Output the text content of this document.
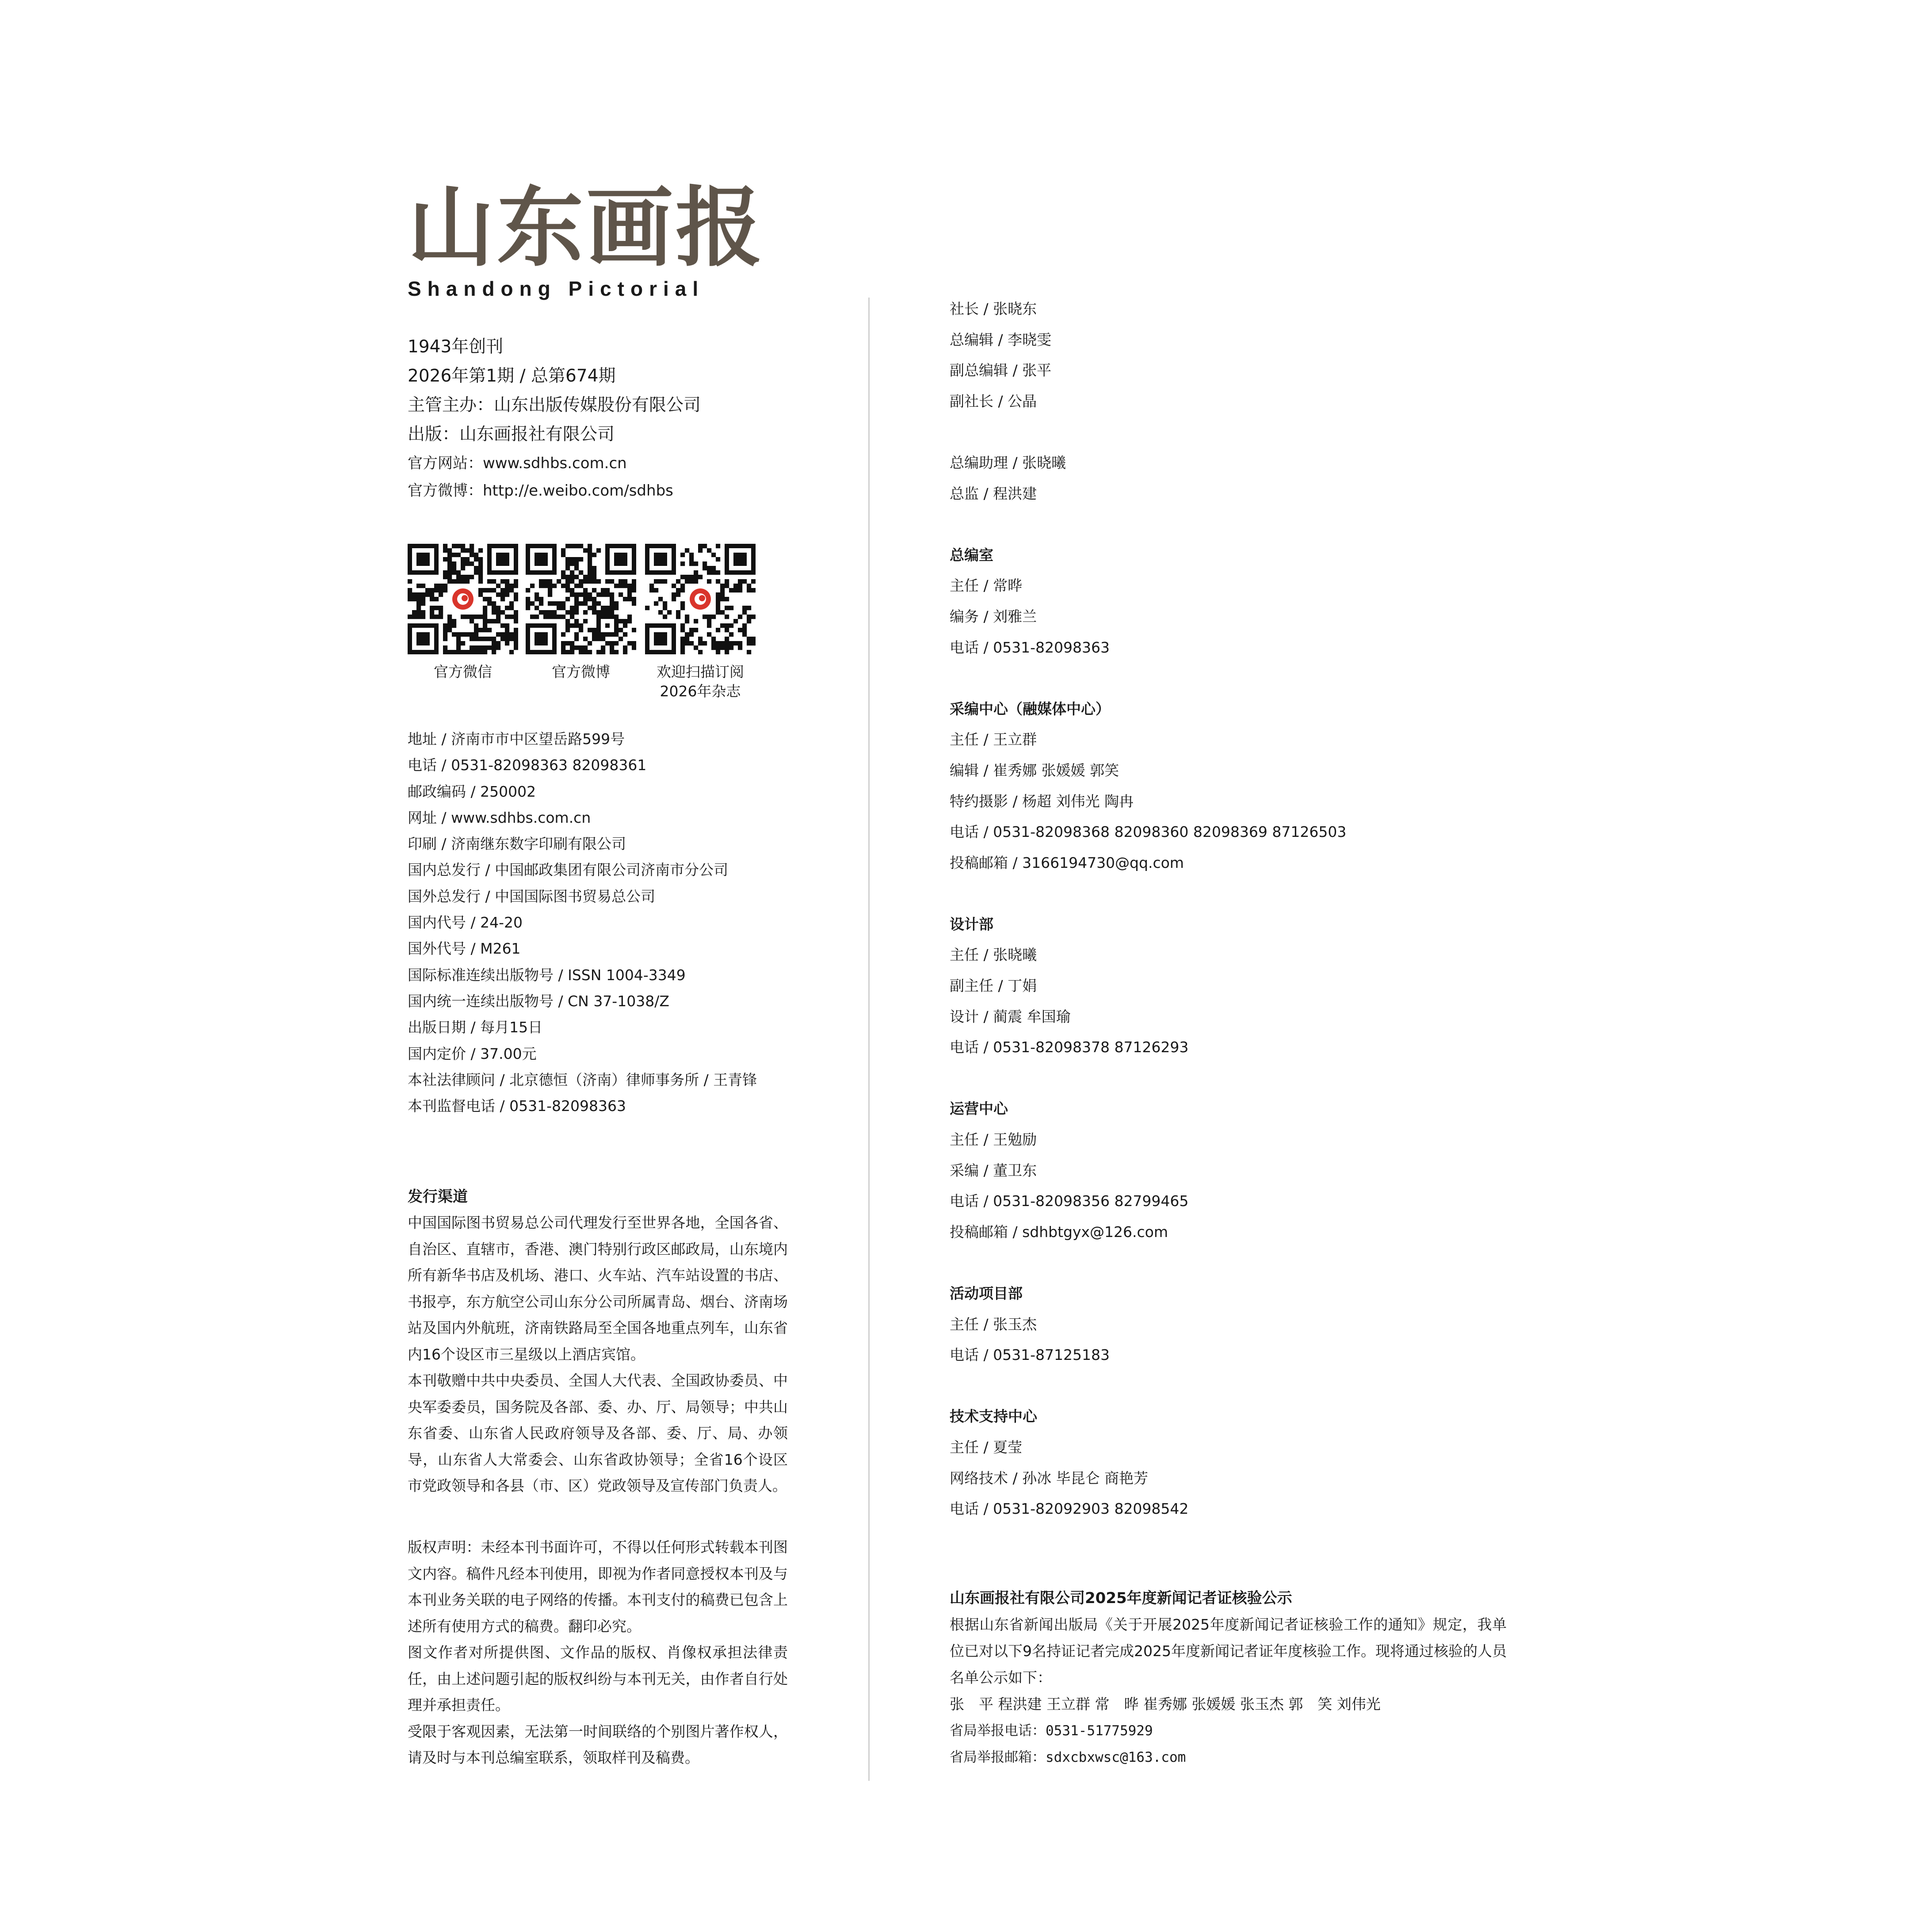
山东画报
Shandong Pictorial
1943年创刊
2026年第1期 / 总第674期
主管主办：山东出版传媒股份有限公司
出版：山东画报社有限公司
官方网站：www.sdhbs.com.cn
官方微博：http://e.weibo.com/sdhbs
官方微信	官方微博	欢迎扫描订阅
2026年杂志
地址 / 济南市市中区望岳路599号
电话 / 0531-82098363 82098361
邮政编码 / 250002
网址 / www.sdhbs.com.cn
印刷 / 济南继东数字印刷有限公司
国内总发行 / 中国邮政集团有限公司济南市分公司
国外总发行 / 中国国际图书贸易总公司
国内代号 / 24-20
国外代号 / M261
国际标准连续出版物号 / ISSN 1004-3349
国内统一连续出版物号 / CN 37-1038/Z
出版日期 / 每月15日
国内定价 / 37.00元
本社法律顾问 / 北京德恒（济南）律师事务所 / 王青锋
本刊监督电话 / 0531-82098363
发行渠道

中国国际图书贸易总公司代理发行至世界各地，全国各省、自治区、直辖市，香港、澳门特别行政区邮政局，山东境内所有新华书店及机场、港口、火车站、汽车站设置的书店、书报亭，东方航空公司山东分公司所属青岛、烟台、济南场站及国内外航班，济南铁路局至全国各地重点列车，山东省内16个设区市三星级以上酒店宾馆。

本刊敬赠中共中央委员、全国人大代表、全国政协委员、中央军委委员，国务院及各部、委、办、厅、局领导；中共山东省委、山东省人民政府领导及各部、委、厅、局、办领导，山东省人大常委会、山东省政协领导；全省16个设区市党政领导和各县（市、区）党政领导及宣传部门负责人。

版权声明：未经本刊书面许可，不得以任何形式转载本刊图文内容。稿件凡经本刊使用，即视为作者同意授权本刊及与本刊业务关联的电子网络的传播。本刊支付的稿费已包含上述所有使用方式的稿费。翻印必究。

图文作者对所提供图、文作品的版权、肖像权承担法律责任，由上述问题引起的版权纠纷与本刊无关，由作者自行处理并承担责任。

受限于客观因素，无法第一时间联络的个别图片著作权人，请及时与本刊总编室联系，领取样刊及稿费。

社长 / 张晓东
总编辑 / 李晓雯
副总编辑 / 张平
副社长 / 公晶
总编助理 / 张晓曦
总监 / 程洪建
总编室
主任 / 常晔
编务 / 刘雅兰
电话 / 0531-82098363
采编中心（融媒体中心）
主任 / 王立群
编辑 / 崔秀娜 张媛媛 郭笑
特约摄影 / 杨超 刘伟光 陶冉
电话 / 0531-82098368 82098360 82098369 87126503
投稿邮箱 / 3166194730@qq.com
设计部
主任 / 张晓曦
副主任 / 丁娟
设计 / 蔺震 牟国瑜
电话 / 0531-82098378 87126293
运营中心
主任 / 王勉励
采编 / 董卫东
电话 / 0531-82098356 82799465
投稿邮箱 / sdhbtgyx@126.com
活动项目部
主任 / 张玉杰
电话 / 0531-87125183
技术支持中心
主任 / 夏莹
网络技术 / 孙冰 毕昆仑 商艳芳
电话 / 0531-82092903 82098542
山东画报社有限公司2025年度新闻记者证核验公示

根据山东省新闻出版局《关于开展2025年度新闻记者证核验工作的通知》规定，我单位已对以下9名持证记者完成2025年度新闻记者证年度核验工作。现将通过核验的人员名单公示如下：

张　平 程洪建 王立群 常　晔 崔秀娜 张媛媛 张玉杰 郭　笑 刘伟光
省局举报电话：0531-51775929
省局举报邮箱：sdxcbxwsc@163.com
